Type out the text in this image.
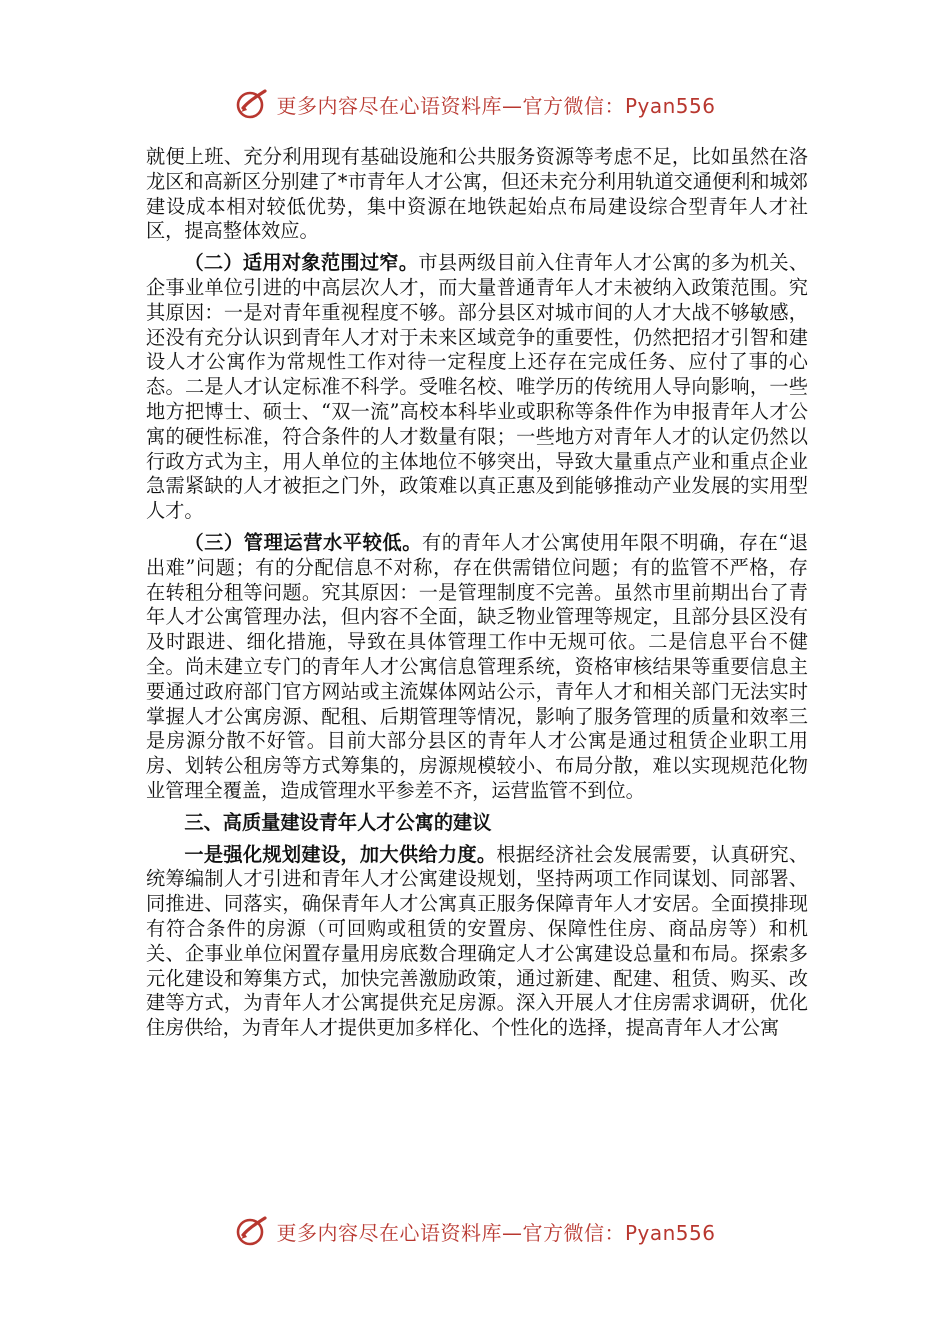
更多内容尽在心语资料库—官方微信：Pyan556

就便上班、充分利用现有基础设施和公共服务资源等考虑不足，比如虽然在洛龙区和高新区分别建了*市青年人才公寓，但还未充分利用轨道交通便利和城郊建设成本相对较低优势，集中资源在地铁起始点布局建设综合型青年人才社区，提高整体效应。

（二）适用对象范围过窄。市县两级目前入住青年人才公寓的多为机关、企事业单位引进的中高层次人才，而大量普通青年人才未被纳入政策范围。究其原因：一是对青年重视程度不够。部分县区对城市间的人才大战不够敏感，还没有充分认识到青年人才对于未来区域竞争的重要性，仍然把招才引智和建设人才公寓作为常规性工作对待一定程度上还存在完成任务、应付了事的心态。二是人才认定标准不科学。受唯名校、唯学历的传统用人导向影响，一些地方把博士、硕士、“双一流”高校本科毕业或职称等条件作为申报青年人才公寓的硬性标准，符合条件的人才数量有限；一些地方对青年人才的认定仍然以行政方式为主，用人单位的主体地位不够突出，导致大量重点产业和重点企业急需紧缺的人才被拒之门外，政策难以真正惠及到能够推动产业发展的实用型人才。

（三）管理运营水平较低。有的青年人才公寓使用年限不明确，存在“退出难”问题；有的分配信息不对称，存在供需错位问题；有的监管不严格，存在转租分租等问题。究其原因：一是管理制度不完善。虽然市里前期出台了青年人才公寓管理办法，但内容不全面，缺乏物业管理等规定，且部分县区没有及时跟进、细化措施，导致在具体管理工作中无规可依。二是信息平台不健全。尚未建立专门的青年人才公寓信息管理系统，资格审核结果等重要信息主要通过政府部门官方网站或主流媒体网站公示，青年人才和相关部门无法实时掌握人才公寓房源、配租、后期管理等情况，影响了服务管理的质量和效率三是房源分散不好管。目前大部分县区的青年人才公寓是通过租赁企业职工用房、划转公租房等方式筹集的，房源规模较小、布局分散，难以实现规范化物业管理全覆盖，造成管理水平参差不齐，运营监管不到位。

三、高质量建设青年人才公寓的建议

一是强化规划建设，加大供给力度。根据经济社会发展需要，认真研究、统筹编制人才引进和青年人才公寓建设规划，坚持两项工作同谋划、同部署、同推进、同落实，确保青年人才公寓真正服务保障青年人才安居。全面摸排现有符合条件的房源（可回购或租赁的安置房、保障性住房、商品房等）和机关、企事业单位闲置存量用房底数合理确定人才公寓建设总量和布局。探索多元化建设和筹集方式，加快完善激励政策，通过新建、配建、租赁、购买、改建等方式，为青年人才公寓提供充足房源。深入开展人才住房需求调研，优化住房供给，为青年人才提供更加多样化、个性化的选择，提高青年人才公寓

更多内容尽在心语资料库—官方微信：Pyan556
